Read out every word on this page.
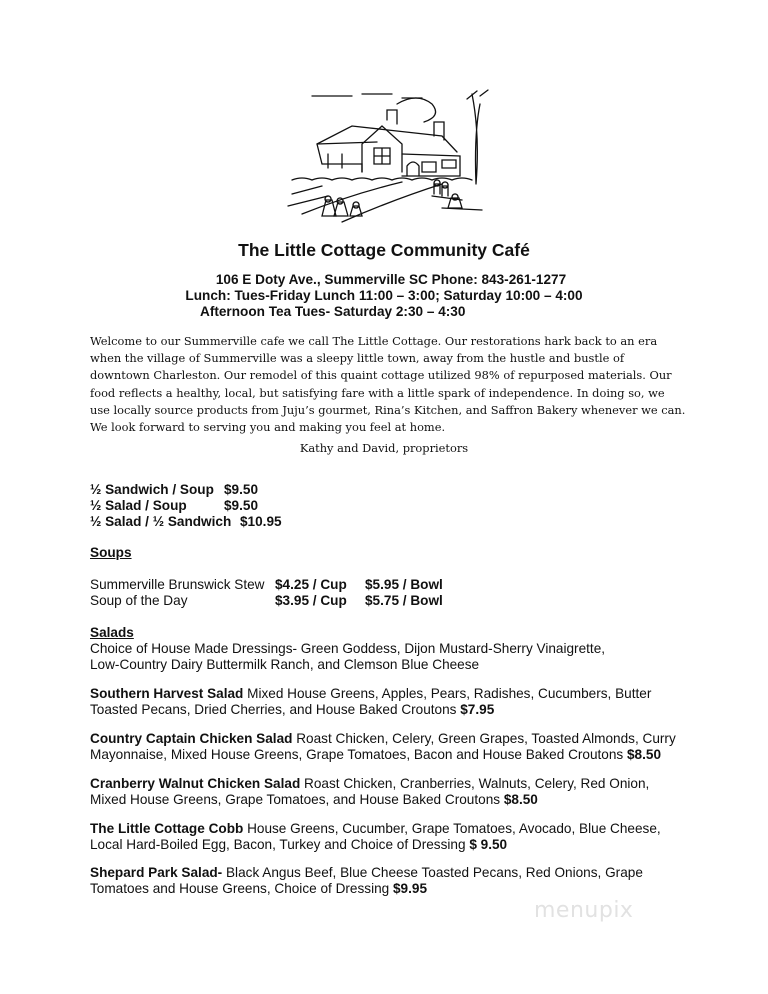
The Little Cottage Community Café
106 E Doty Ave., Summerville SC Phone: 843-261-1277
Lunch: Tues-Friday Lunch 11:00 – 3:00; Saturday 10:00 – 4:00
Afternoon Tea Tues- Saturday 2:30 – 4:30
Welcome to our Summerville cafe we call The Little Cottage. Our restorations hark back to an era
when the village of Summerville was a sleepy little town, away from the hustle and bustle of
downtown Charleston. Our remodel of this quaint cottage utilized 98% of repurposed materials. Our
food reflects a healthy, local, but satisfying fare with a little spark of independence. In doing so, we
use locally source products from Juju’s gourmet, Rina’s Kitchen, and Saffron Bakery whenever we can.
We look forward to serving you and making you feel at home.
Kathy and David, proprietors
½ Sandwich / Soup $9.50
½ Salad / Soup	$9.50
½ Salad / ½ Sandwich $10.95
Soups
Summerville Brunswick Stew $4.25 / Cup	$5.95 / Bowl
Soup of the Day	$3.95 / Cup	$5.75 / Bowl
Salads
Choice of House Made Dressings- Green Goddess, Dijon Mustard-Sherry Vinaigrette,
Low-Country Dairy Buttermilk Ranch, and Clemson Blue Cheese
Southern Harvest Salad Mixed House Greens, Apples, Pears, Radishes, Cucumbers, Butter
Toasted Pecans, Dried Cherries, and House Baked Croutons $7.95
Country Captain Chicken Salad Roast Chicken, Celery, Green Grapes, Toasted Almonds, Curry
Mayonnaise, Mixed House Greens, Grape Tomatoes, Bacon and House Baked Croutons $8.50
Cranberry Walnut Chicken Salad Roast Chicken, Cranberries, Walnuts, Celery, Red Onion,
Mixed House Greens, Grape Tomatoes, and House Baked Croutons $8.50
The Little Cottage Cobb House Greens, Cucumber, Grape Tomatoes, Avocado, Blue Cheese,
Local Hard-Boiled Egg, Bacon, Turkey and Choice of Dressing $ 9.50
Shepard Park Salad- Black Angus Beef, Blue Cheese Toasted Pecans, Red Onions, Grape
Tomatoes and House Greens, Choice of Dressing $9.95
menupix
